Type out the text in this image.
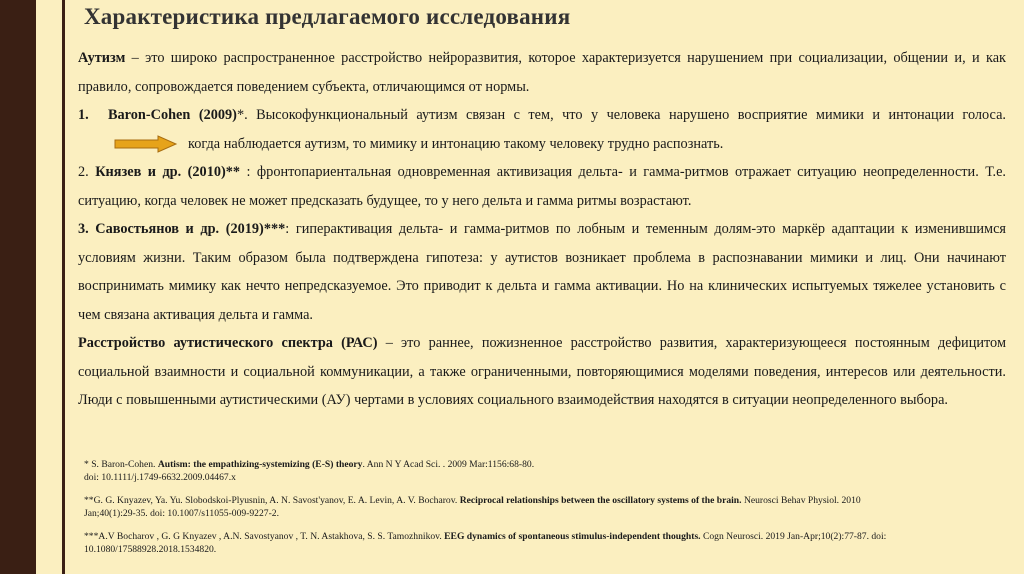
Характеристика предлагаемого исследования

Аутизм – это широко распространенное расстройство нейроразвития, которое характеризуется нарушением при социализации, общении и, и как правило, сопровождается поведением субъекта, отличающимся от нормы.

1.	Baron-Cohen (2009)*. Высокофункциональный аутизм связан с тем, что у человека нарушено восприятие мимики и интонации голоса.когда наблюдается аутизм, то мимику и интонацию такому человеку трудно распознать.

2. Князев и др. (2010)** : фронтопариентальная одновременная активизация дельта- и гамма-ритмов отражает ситуацию неопределенности. Т.е. ситуацию, когда человек не может предсказать будущее, то у него дельта и гамма ритмы возрастают.

3. Савостьянов и др. (2019)***: гиперактивация дельта- и гамма-ритмов по лобным и теменным долям-это маркёр адаптации к изменившимся условиям жизни. Таким образом была подтверждена гипотеза: у аутистов возникает проблема в распознавании мимики и лиц. Они начинают воспринимать мимику как нечто непредсказуемое. Это приводит к дельта и гамма активации. Но на клинических испытуемых тяжелее установить с чем связана активация дельта и гамма.

Расстройство аутистического спектра (РАС) – это раннее, пожизненное расстройство развития, характеризующееся постоянным дефицитом социальной взаимности и социальной коммуникации, а также ограниченными, повторяющимися моделями поведения, интересов или деятельности. Люди с повышенными аутистическими (АУ) чертами в условиях социального взаимодействия находятся в ситуации неопределенного выбора.

* S. Baron-Cohen. Autism: the empathizing-systemizing (E-S) theory. Ann N Y Acad Sci. . 2009 Mar:1156:68-80.
doi: 10.1111/j.1749-6632.2009.04467.x

**G. G. Knyazev, Ya. Yu. Slobodskoi-Plyusnin, A. N. Savost'yanov, E. A. Levin, A. V. Bocharov. Reciprocal relationships between the oscillatory systems of the brain. Neurosci Behav Physiol. 2010
Jan;40(1):29-35. doi: 10.1007/s11055-009-9227-2.

***A.V Bocharov , G. G Knyazev , A.N. Savostyanov , T. N. Astakhova, S. S. Tamozhnikov. EEG dynamics of spontaneous stimulus-independent thoughts. Cogn Neurosci. 2019 Jan-Apr;10(2):77-87. doi:
10.1080/17588928.2018.1534820.
